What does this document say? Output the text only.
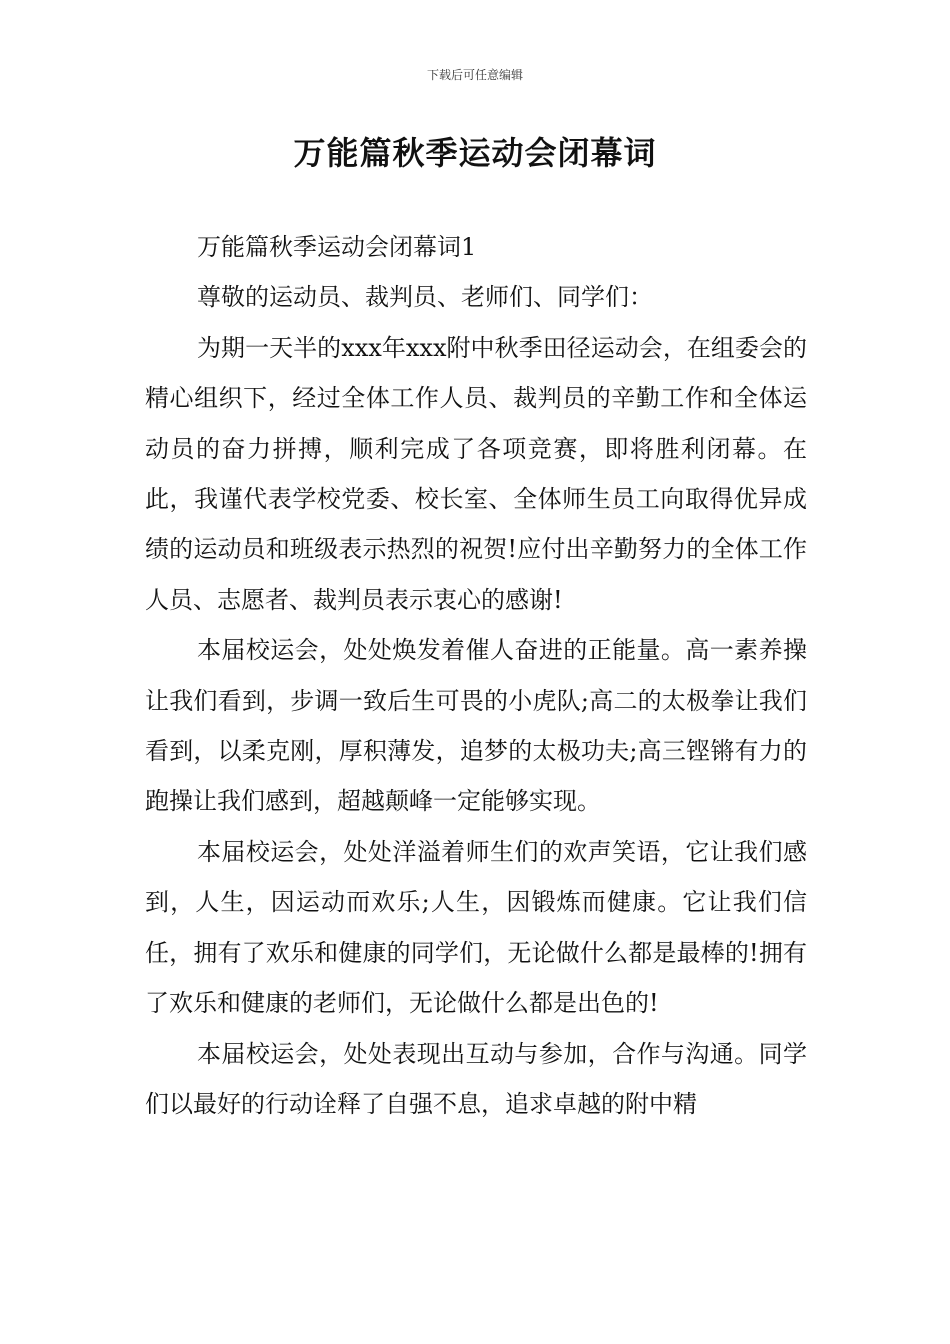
下载后可任意编辑
万能篇秋季运动会闭幕词

万能篇秋季运动会闭幕词1

尊敬的运动员、裁判员、老师们、同学们：

为期一天半的xxx年xxx附中秋季田径运动会，在组委会的精心组织下，经过全体工作人员、裁判员的辛勤工作和全体运动员的奋力拼搏，顺利完成了各项竞赛，即将胜利闭幕。在此，我谨代表学校党委、校长室、全体师生员工向取得优异成绩的运动员和班级表示热烈的祝贺!应付出辛勤努力的全体工作人员、志愿者、裁判员表示衷心的感谢!

本届校运会，处处焕发着催人奋进的正能量。高一素养操让我们看到，步调一致后生可畏的小虎队;高二的太极拳让我们看到，以柔克刚，厚积薄发，追梦的太极功夫;高三铿锵有力的跑操让我们感到，超越颠峰一定能够实现。

本届校运会，处处洋溢着师生们的欢声笑语，它让我们感到，人生，因运动而欢乐;人生，因锻炼而健康。它让我们信任，拥有了欢乐和健康的同学们，无论做什么都是最棒的!拥有了欢乐和健康的老师们，无论做什么都是出色的!

本届校运会，处处表现出互动与参加，合作与沟通。同学们以最好的行动诠释了自强不息，追求卓越的附中精
